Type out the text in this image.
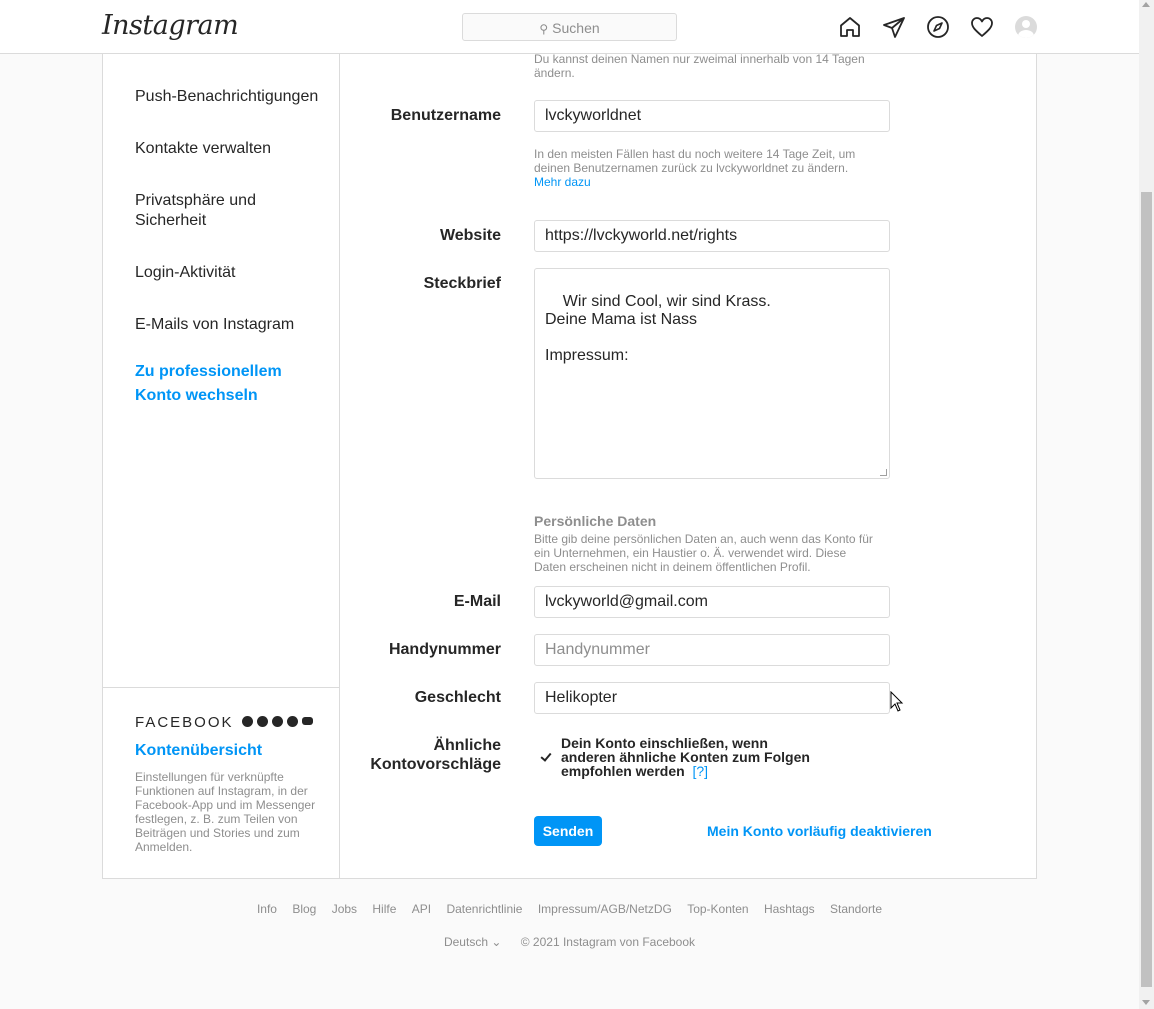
Instagram	⚲ Suchen
Push-Benachrichtigungen
Kontakte verwalten
Privatsphäre und Sicherheit
Login-Aktivität
E-Mails von Instagram
Zu professionellem Konto wechseln
FACEBOOK
Kontenübersicht
Einstellungen für verknüpfte Funktionen auf Instagram, in der Facebook-App und im Messenger festlegen, z. B. zum Teilen von Beiträgen und Stories und zum Anmelden.
Du kannst deinen Namen nur zweimal innerhalb von 14 Tagen ändern.
Benutzername
lvckyworldnet
In den meisten Fällen hast du noch weitere 14 Tage Zeit, um deinen Benutzernamen zurück zu lvckyworldnet zu ändern.
Mehr dazu
Website
https://lvckyworld.net/rights
Steckbrief

Wir sind Cool, wir sind Krass.
Deine Mama ist Nass

Impressum:

Persönliche Daten
Bitte gib deine persönlichen Daten an, auch wenn das Konto für ein Unternehmen, ein Haustier o. Ä. verwendet wird. Diese Daten erscheinen nicht in deinem öffentlichen Profil.
E-Mail
lvckyworld@gmail.com
Handynummer
Handynummer
Geschlecht
Helikopter
Ähnliche
Kontovorschläge
Dein Konto einschließen, wenn anderen ähnliche Konten zum Folgen empfohlen werden [?]
Senden	Mein Konto vorläufig deaktivieren
Info Blog Jobs Hilfe API Datenrichtlinie Impressum/AGB/NetzDG Top-Konten Hashtags Standorte
Deutsch ⌄ © 2021 Instagram von Facebook
